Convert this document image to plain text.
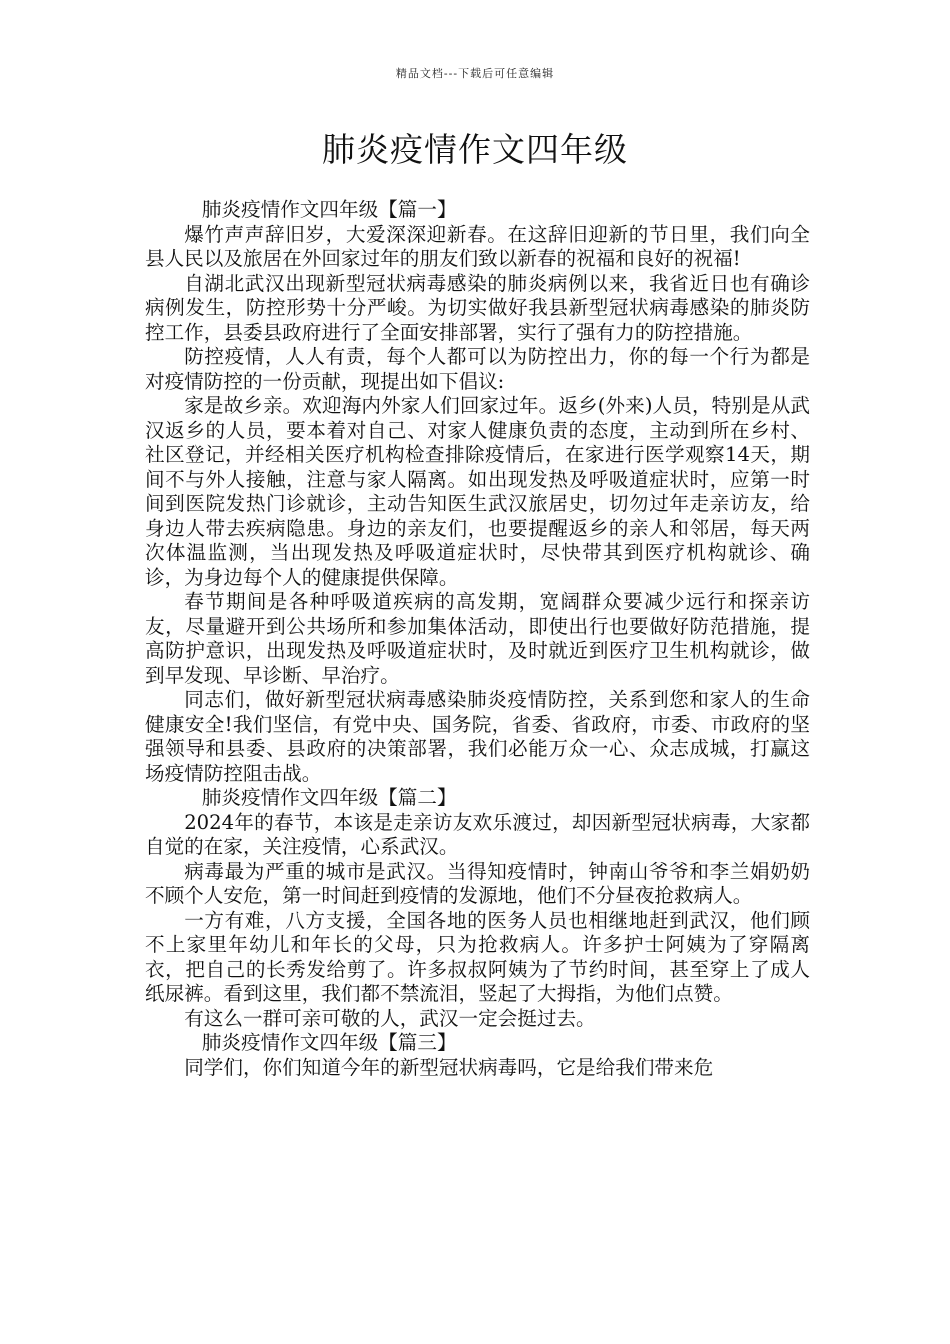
精品文档---下载后可任意编辑
肺炎疫情作文四年级

肺炎疫情作文四年级【篇一】

爆竹声声辞旧岁，大爱深深迎新春。在这辞旧迎新的节日里，我们向全县人民以及旅居在外回家过年的朋友们致以新春的祝福和良好的祝福!

自湖北武汉出现新型冠状病毒感染的肺炎病例以来，我省近日也有确诊病例发生，防控形势十分严峻。为切实做好我县新型冠状病毒感染的肺炎防控工作，县委县政府进行了全面安排部署，实行了强有力的防控措施。

防控疫情，人人有责，每个人都可以为防控出力，你的每一个行为都是对疫情防控的一份贡献，现提出如下倡议:

家是故乡亲。欢迎海内外家人们回家过年。返乡(外来)人员，特别是从武汉返乡的人员，要本着对自己、对家人健康负责的态度，主动到所在乡村、社区登记，并经相关医疗机构检查排除疫情后，在家进行医学观察14天，期间不与外人接触，注意与家人隔离。如出现发热及呼吸道症状时，应第一时间到医院发热门诊就诊，主动告知医生武汉旅居史，切勿过年走亲访友，给身边人带去疾病隐患。身边的亲友们，也要提醒返乡的亲人和邻居，每天两次体温监测，当出现发热及呼吸道症状时，尽快带其到医疗机构就诊、确诊，为身边每个人的健康提供保障。

春节期间是各种呼吸道疾病的高发期，宽阔群众要减少远行和探亲访友，尽量避开到公共场所和参加集体活动，即使出行也要做好防范措施，提高防护意识，出现发热及呼吸道症状时，及时就近到医疗卫生机构就诊，做到早发现、早诊断、早治疗。

同志们，做好新型冠状病毒感染肺炎疫情防控，关系到您和家人的生命健康安全!我们坚信，有党中央、国务院，省委、省政府，市委、市政府的坚强领导和县委、县政府的决策部署，我们必能万众一心、众志成城，打赢这场疫情防控阻击战。

肺炎疫情作文四年级【篇二】

2024年的春节，本该是走亲访友欢乐渡过，却因新型冠状病毒，大家都自觉的在家，关注疫情，心系武汉。

病毒最为严重的城市是武汉。当得知疫情时，钟南山爷爷和李兰娟奶奶不顾个人安危，第一时间赶到疫情的发源地，他们不分昼夜抢救病人。

一方有难，八方支援，全国各地的医务人员也相继地赶到武汉，他们顾不上家里年幼儿和年长的父母，只为抢救病人。许多护士阿姨为了穿隔离衣，把自己的长秀发给剪了。许多叔叔阿姨为了节约时间，甚至穿上了成人纸尿裤。看到这里，我们都不禁流泪，竖起了大拇指，为他们点赞。

有这么一群可亲可敬的人，武汉一定会挺过去。

肺炎疫情作文四年级【篇三】

同学们，你们知道今年的新型冠状病毒吗，它是给我们带来危
